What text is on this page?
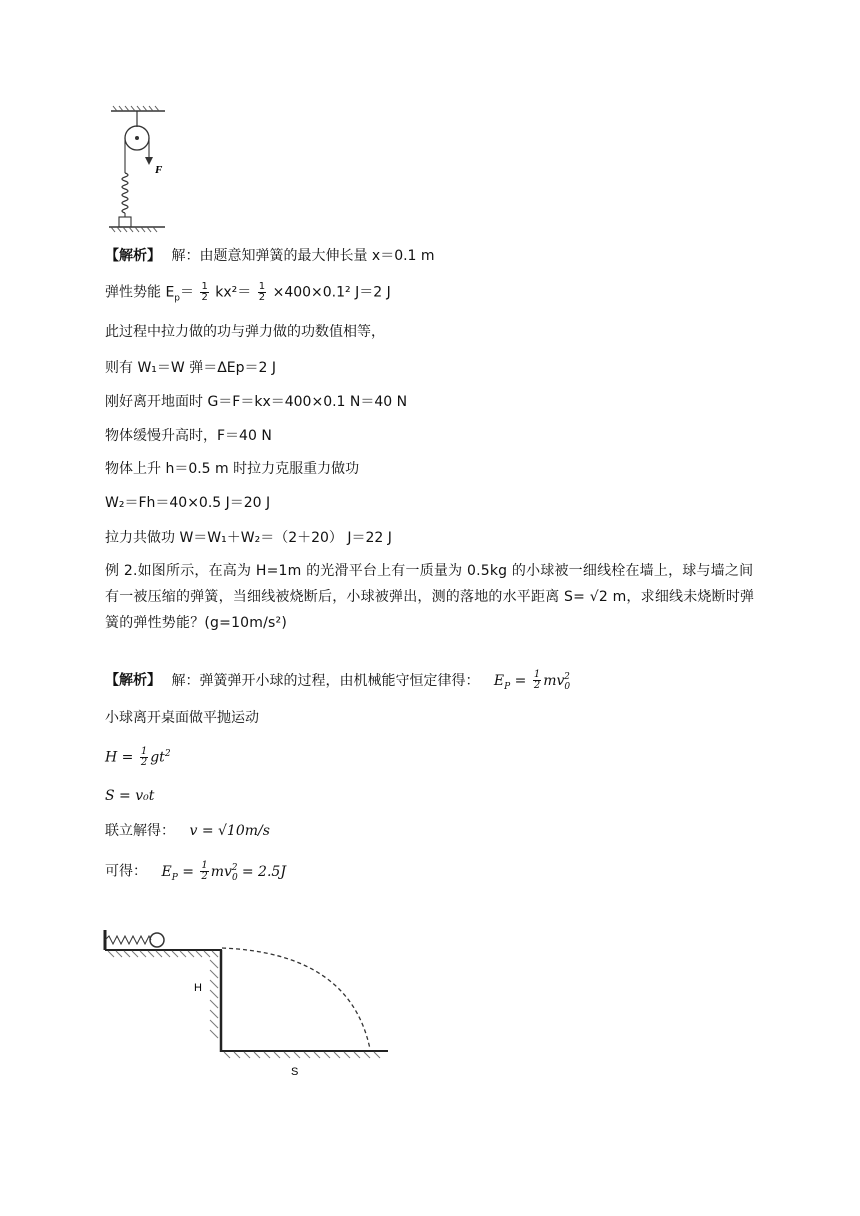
F
【解析】 解：由题意知弹簧的最大伸长量 x＝0.1 m
弹性势能 $E_p= \frac{1}{2} kx^2= \frac{1}{2} \times 400\times 0.1^2$ J＝2 J
此过程中拉力做的功与弹力做的功数值相等，
则有 W₁＝W 弹＝ΔEp＝2 J
刚好离开地面时 G＝F＝kx＝400×0.1 N＝40 N
物体缓慢升高时，F＝40 N
物体上升 h＝0.5 m 时拉力克服重力做功
W₂＝Fh＝40×0.5 J＝20 J
拉力共做功 W＝W₁＋W₂＝（2＋20） J＝22 J
例 2.如图所示，在高为 H=1m 的光滑平台上有一质量为 0.5kg 的小球被一细线栓在墙上，球与墙之间有一被压缩的弹簧，当细线被烧断后，小球被弹出，测的落地的水平距离 S= √2 m，求细线未烧断时弹簧的弹性势能？(g=10m/s²)
【解析】 解：弹簧弹开小球的过程，由机械能守恒定律得： $E_P = \frac{1}{2} mv_0^2$
小球离开桌面做平抛运动
$H = \frac{1}{2} gt^2$
S = v₀t
联立解得： v = √10m/s
可得： $E_P = \frac{1}{2} mv_0^2 = 2.5J$
H
S
